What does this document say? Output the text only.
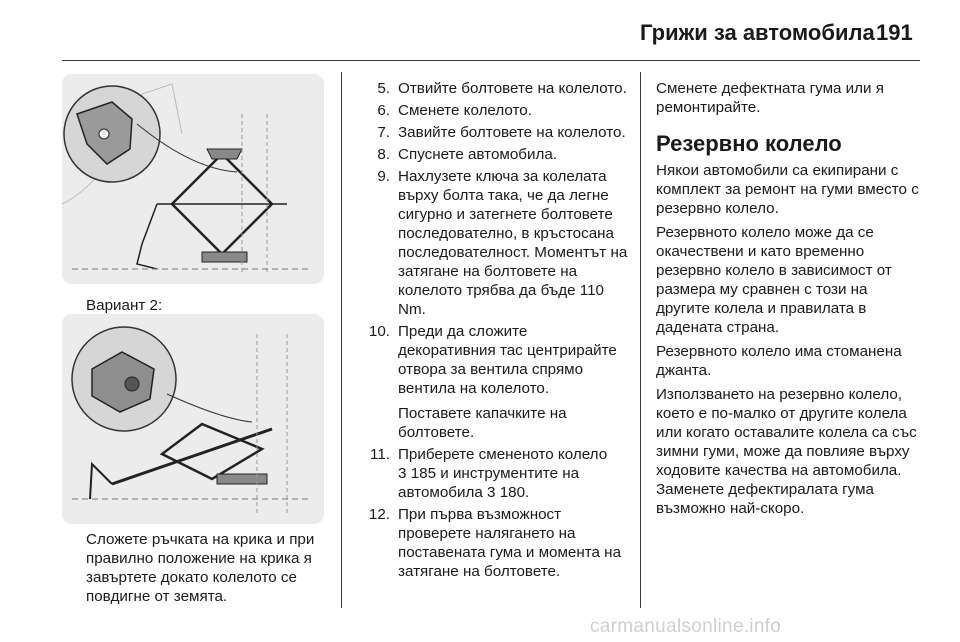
Грижи за автомобила 191
Вариант 2:
Сложете ръчката на крика и при правилно положение на крика я завъртете докато колелото се повдигне от земята.
5. Отвийте болтовете на колелото.
6. Сменете колелото.
7. Завийте болтовете на колелото.
8. Спуснете автомобила.
9. Нахлузете ключа за колелата върху болта така, че да легне сигурно и затегнете болтовете последователно, в кръстосана последователност. Моментът на затягане на болтовете на колелото трябва да бъде 110 Nm.
10. Преди да сложите декоративния тас центрирайте отвора за вентила спрямо вентила на колелото.
Поставете капачките на болтовете.
11. Приберете смененото колело
3 185 и инструментите на автомобила 3 180.
12. При първа възможност проверете налягането на поставената гума и момента на затягане на болтовете.

Сменете дефектната гума или я ремонтирайте.

Резервно колело

Някои автомобили са екипирани с комплект за ремонт на гуми вместо с резервно колело.

Резервното колело може да се окачествени и като временно резервно колело в зависимост от размера му сравнен с този на другите колела и правилата в дадената страна.

Резервното колело има стоманена джанта.

Използването на резервно колело, което е по-малко от другите колела или когато оставалите колела са със зимни гуми, може да повлияе върху ходовите качества на автомобила. Заменете дефектиралата гума възможно най-скоро.

carmanualsonline.info
